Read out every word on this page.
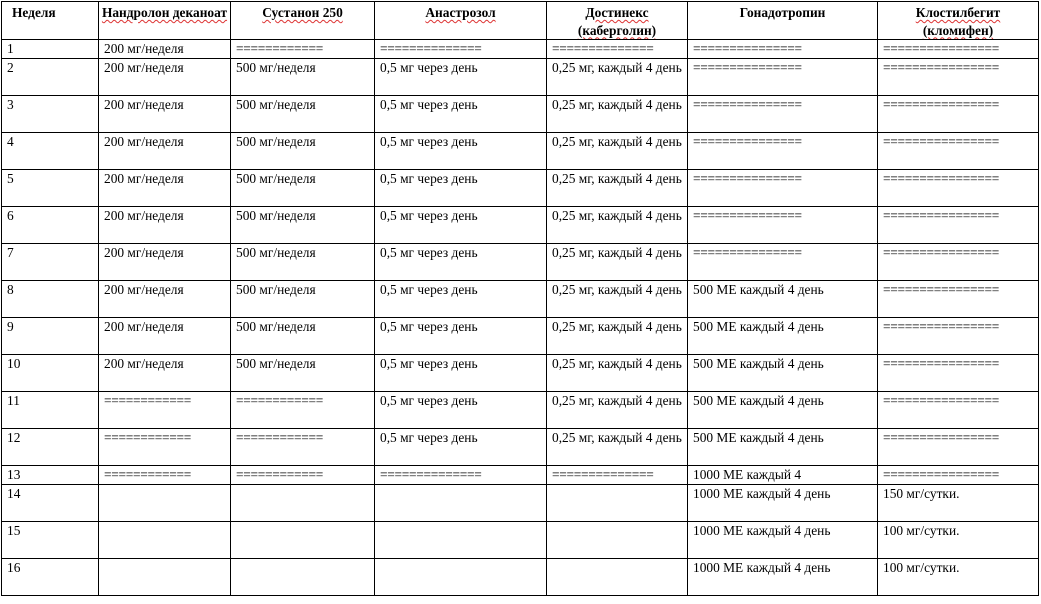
Неделя	Нандролон деканоат	Сустанон 250	Анастрозол	Достинекс (каберголин)	Гонадотропин	Клостилбегит (кломифен)
1	200 мг/неделя	============	==============	==============	===============	================
2	200 мг/неделя	500 мг/неделя	0,5 мг через день	0,25 мг, каждый 4 день	===============	================
3	200 мг/неделя	500 мг/неделя	0,5 мг через день	0,25 мг, каждый 4 день	===============	================
4	200 мг/неделя	500 мг/неделя	0,5 мг через день	0,25 мг, каждый 4 день	===============	================
5	200 мг/неделя	500 мг/неделя	0,5 мг через день	0,25 мг, каждый 4 день	===============	================
6	200 мг/неделя	500 мг/неделя	0,5 мг через день	0,25 мг, каждый 4 день	===============	================
7	200 мг/неделя	500 мг/неделя	0,5 мг через день	0,25 мг, каждый 4 день	===============	================
8	200 мг/неделя	500 мг/неделя	0,5 мг через день	0,25 мг, каждый 4 день	500 МЕ каждый 4 день	================
9	200 мг/неделя	500 мг/неделя	0,5 мг через день	0,25 мг, каждый 4 день	500 МЕ каждый 4 день	================
10	200 мг/неделя	500 мг/неделя	0,5 мг через день	0,25 мг, каждый 4 день	500 МЕ каждый 4 день	================
11	============	============	0,5 мг через день	0,25 мг, каждый 4 день	500 МЕ каждый 4 день	================
12	============	============	0,5 мг через день	0,25 мг, каждый 4 день	500 МЕ каждый 4 день	================
13	============	============	==============	==============	1000 МЕ каждый 4	================
14					1000 МЕ каждый 4 день	150 мг/сутки.
15					1000 МЕ каждый 4 день	100 мг/сутки.
16					1000 МЕ каждый 4 день	100 мг/сутки.
